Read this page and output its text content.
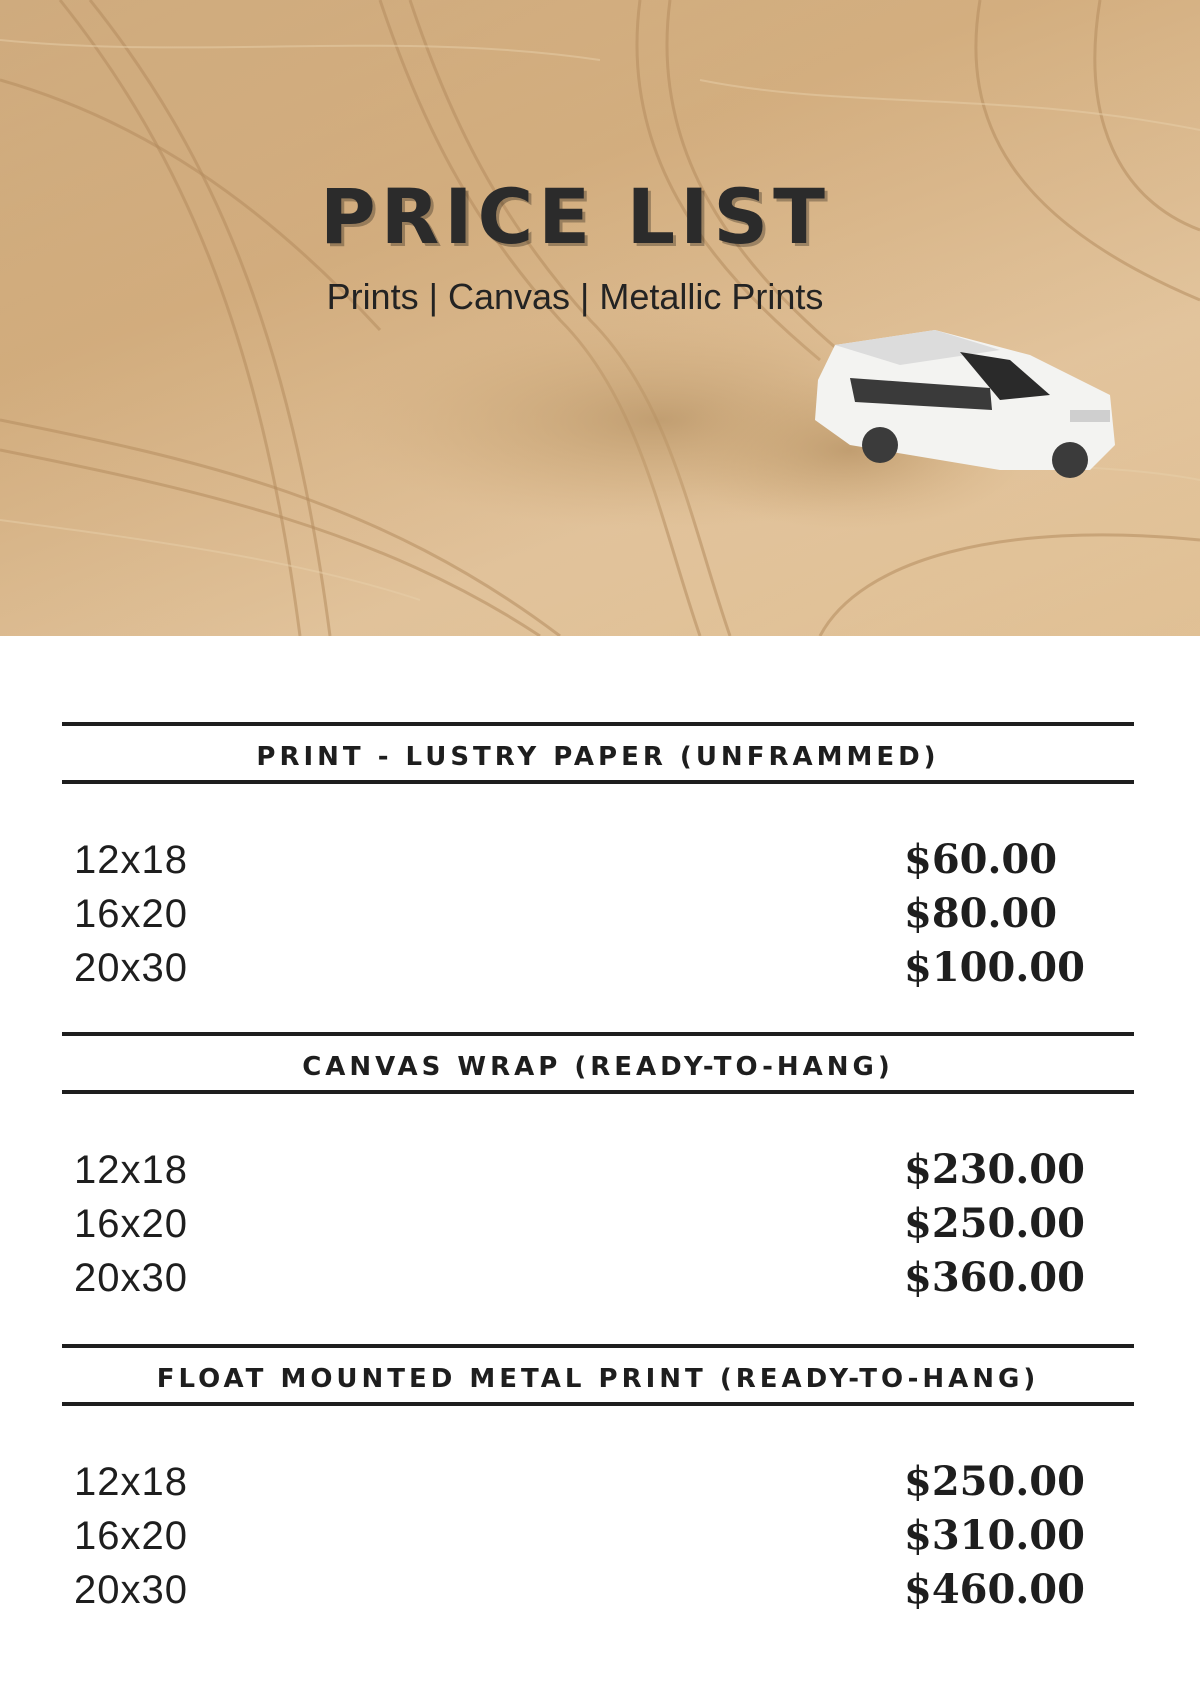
PRICE LIST
Prints | Canvas | Metallic Prints
PRINT - LUSTRY PAPER (UNFRAMMED)
12x18	$60.00
16x20	$80.00
20x30	$100.00
CANVAS WRAP (READY-TO-HANG)
12x18	$230.00
16x20	$250.00
20x30	$360.00
FLOAT MOUNTED METAL PRINT (READY-TO-HANG)
12x18	$250.00
16x20	$310.00
20x30	$460.00
